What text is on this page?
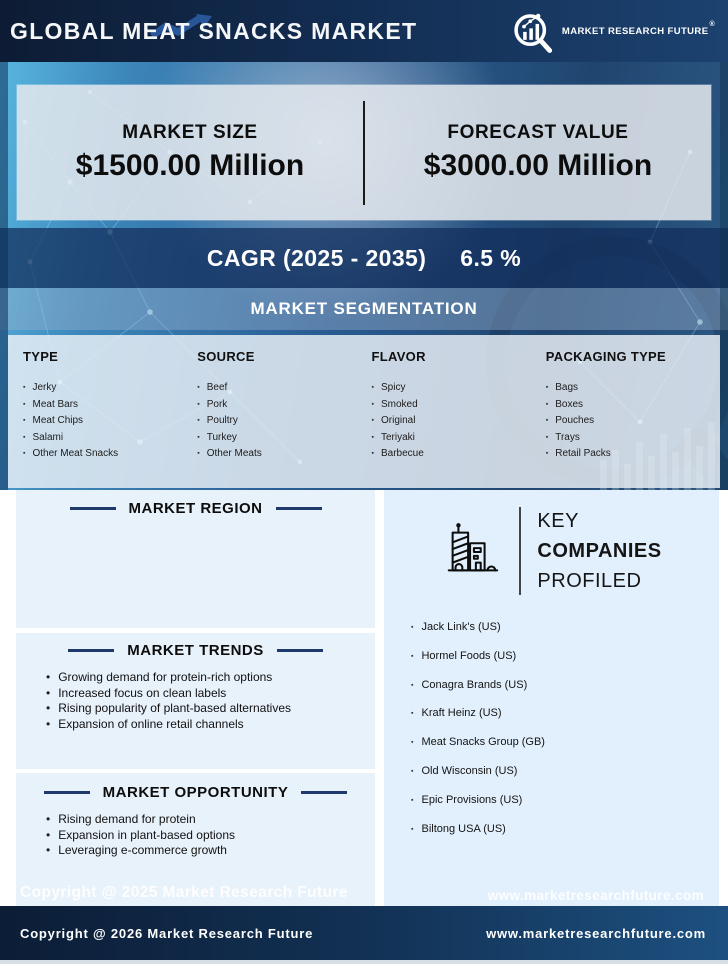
GLOBAL MEAT SNACKS MARKET	MARKET RESEARCH FUTURE®
MARKET SIZE
$1500.00 Million
FORECAST VALUE
$3000.00 Million
CAGR (2025 - 2035) 6.5 %
MARKET SEGMENTATION
TYPE
▪ Jerky
▪ Meat Bars
▪ Meat Chips
▪ Salami
▪ Other Meat Snacks
SOURCE
▪ Beef
▪ Pork
▪ Poultry
▪ Turkey
▪ Other Meats
FLAVOR
▪ Spicy
▪ Smoked
▪ Original
▪ Teriyaki
▪ Barbecue
PACKAGING TYPE
▪ Bags
▪ Boxes
▪ Pouches
▪ Trays
▪ Retail Packs
MARKET REGION
MARKET TRENDS
• Growing demand for protein-rich options
• Increased focus on clean labels
• Rising popularity of plant-based alternatives
• Expansion of online retail channels
MARKET OPPORTUNITY
• Rising demand for protein
• Expansion in plant-based options
• Leveraging e-commerce growth
KEY
COMPANIES
PROFILED
▪ Jack Link's (US)
▪ Hormel Foods (US)
▪ Conagra Brands (US)
▪ Kraft Heinz (US)
▪ Meat Snacks Group (GB)
▪ Old Wisconsin (US)
▪ Epic Provisions (US)
▪ Biltong USA (US)
Copyright @ 2025 Market Research Future	www.marketresearchfuture.com
Copyright @ 2026 Market Research Future	www.marketresearchfuture.com
